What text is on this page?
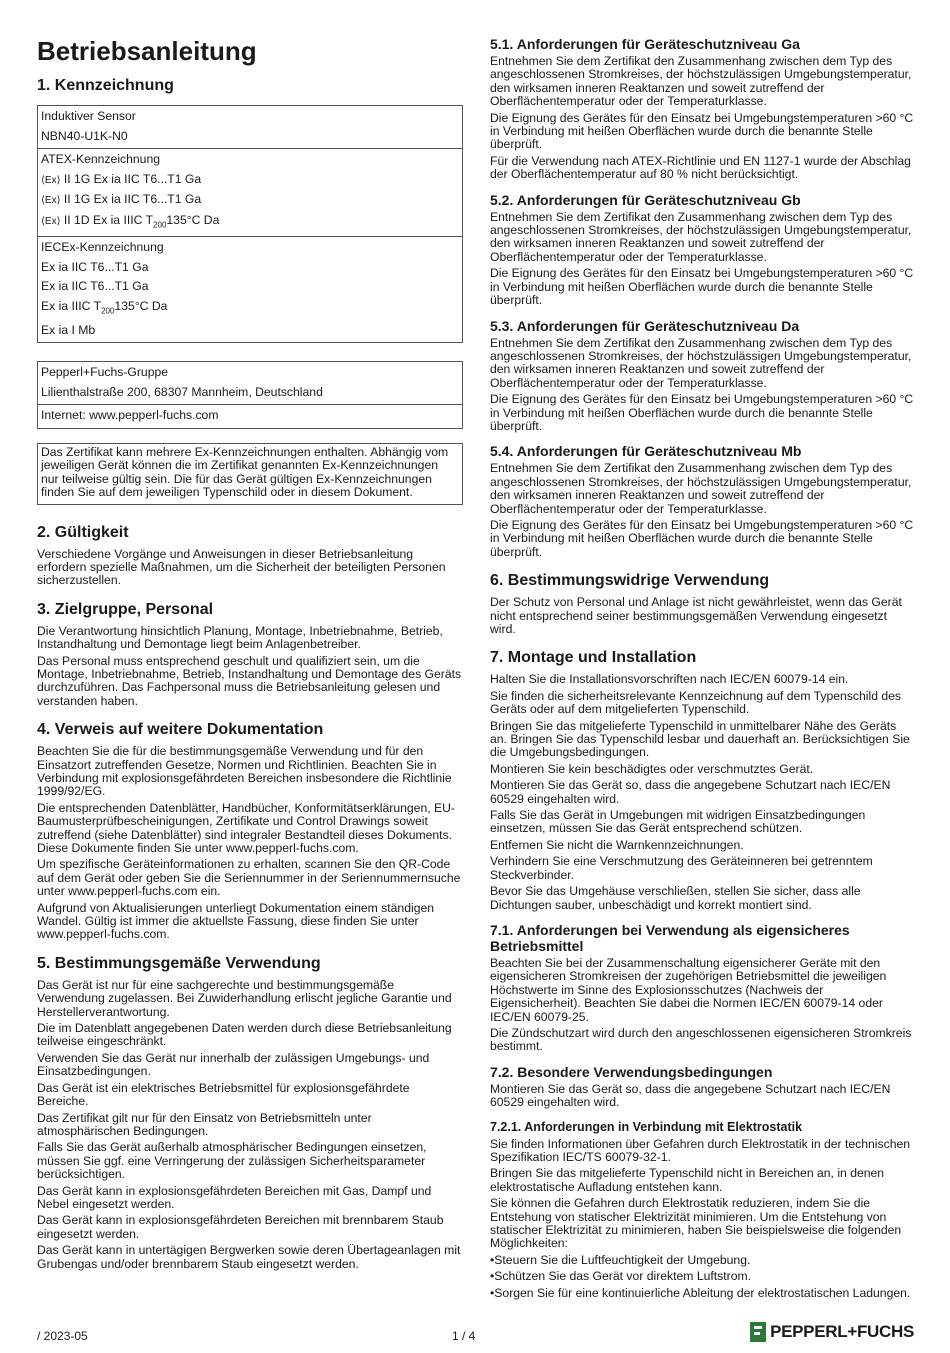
Betriebsanleitung
1. Kennzeichnung
Induktiver Sensor
NBN40-U1K-N0
ATEX-Kennzeichnung
⟨Ex⟩ II 1G Ex ia IIC T6...T1 Ga
⟨Ex⟩ II 1G Ex ia IIC T6...T1 Ga
⟨Ex⟩ II 1D Ex ia IIIC $T_{200}135^\circ C$ Da
IECEx-Kennzeichnung
Ex ia IIC T6...T1 Ga
Ex ia IIC T6...T1 Ga
Ex ia IIIC $T_{200}135^\circ C$ Da
Ex ia I Mb
Pepperl+Fuchs-Gruppe
Lilienthalstraße 200, 68307 Mannheim, Deutschland
Internet: www.pepperl-fuchs.com

Das Zertifikat kann mehrere Ex-Kennzeichnungen enthalten. Abhängig vom jeweiligen Gerät können die im Zertifikat genannten Ex-Kennzeichnungen nur teilweise gültig sein. Die für das Gerät gültigen Ex-Kennzeichnungen finden Sie auf dem jeweiligen Typenschild oder in diesem Dokument.

2. Gültigkeit

Verschiedene Vorgänge und Anweisungen in dieser Betriebsanleitung erfordern spezielle Maßnahmen, um die Sicherheit der beteiligten Personen sicherzustellen.

3. Zielgruppe, Personal

Die Verantwortung hinsichtlich Planung, Montage, Inbetriebnahme, Betrieb, Instandhaltung und Demontage liegt beim Anlagenbetreiber.

Das Personal muss entsprechend geschult und qualifiziert sein, um die Montage, Inbetriebnahme, Betrieb, Instandhaltung und Demontage des Geräts durchzuführen. Das Fachpersonal muss die Betriebsanleitung gelesen und verstanden haben.

4. Verweis auf weitere Dokumentation

Beachten Sie die für die bestimmungsgemäße Verwendung und für den Einsatzort zutreffenden Gesetze, Normen und Richtlinien. Beachten Sie in Verbindung mit explosionsgefährdeten Bereichen insbesondere die Richtlinie 1999/92/EG.

Die entsprechenden Datenblätter, Handbücher, Konformitätserklärungen, EU-Baumusterprüfbescheinigungen, Zertifikate und Control Drawings soweit zutreffend (siehe Datenblätter) sind integraler Bestandteil dieses Dokuments. Diese Dokumente finden Sie unter www.pepperl-fuchs.com.

Um spezifische Geräteinformationen zu erhalten, scannen Sie den QR-Code auf dem Gerät oder geben Sie die Seriennummer in der Seriennummernsuche unter www.pepperl-fuchs.com ein.

Aufgrund von Aktualisierungen unterliegt Dokumentation einem ständigen Wandel. Gültig ist immer die aktuellste Fassung, diese finden Sie unter www.pepperl-fuchs.com.

5. Bestimmungsgemäße Verwendung

Das Gerät ist nur für eine sachgerechte und bestimmungsgemäße Verwendung zugelassen. Bei Zuwiderhandlung erlischt jegliche Garantie und Herstellerverantwortung.

Die im Datenblatt angegebenen Daten werden durch diese Betriebsanleitung teilweise eingeschränkt.

Verwenden Sie das Gerät nur innerhalb der zulässigen Umgebungs- und Einsatzbedingungen.

Das Gerät ist ein elektrisches Betriebsmittel für explosionsgefährdete Bereiche.

Das Zertifikat gilt nur für den Einsatz von Betriebsmitteln unter atmosphärischen Bedingungen.

Falls Sie das Gerät außerhalb atmosphärischer Bedingungen einsetzen, müssen Sie ggf. eine Verringerung der zulässigen Sicherheitsparameter berücksichtigen.

Das Gerät kann in explosionsgefährdeten Bereichen mit Gas, Dampf und Nebel eingesetzt werden.

Das Gerät kann in explosionsgefährdeten Bereichen mit brennbarem Staub eingesetzt werden.

Das Gerät kann in untertägigen Bergwerken sowie deren Übertageanlagen mit Grubengas und/oder brennbarem Staub eingesetzt werden.

5.1. Anforderungen für Geräteschutzniveau Ga

Entnehmen Sie dem Zertifikat den Zusammenhang zwischen dem Typ des angeschlossenen Stromkreises, der höchstzulässigen Umgebungstemperatur, den wirksamen inneren Reaktanzen und soweit zutreffend der Oberflächentemperatur oder der Temperaturklasse.

Die Eignung des Gerätes für den Einsatz bei Umgebungstemperaturen >60 °C in Verbindung mit heißen Oberflächen wurde durch die benannte Stelle überprüft.

Für die Verwendung nach ATEX-Richtlinie und EN 1127-1 wurde der Abschlag der Oberflächentemperatur auf 80 % nicht berücksichtigt.

5.2. Anforderungen für Geräteschutzniveau Gb

Entnehmen Sie dem Zertifikat den Zusammenhang zwischen dem Typ des angeschlossenen Stromkreises, der höchstzulässigen Umgebungstemperatur, den wirksamen inneren Reaktanzen und soweit zutreffend der Oberflächentemperatur oder der Temperaturklasse.

Die Eignung des Gerätes für den Einsatz bei Umgebungstemperaturen >60 °C in Verbindung mit heißen Oberflächen wurde durch die benannte Stelle überprüft.

5.3. Anforderungen für Geräteschutzniveau Da

Entnehmen Sie dem Zertifikat den Zusammenhang zwischen dem Typ des angeschlossenen Stromkreises, der höchstzulässigen Umgebungstemperatur, den wirksamen inneren Reaktanzen und soweit zutreffend der Oberflächentemperatur oder der Temperaturklasse.

Die Eignung des Gerätes für den Einsatz bei Umgebungstemperaturen >60 °C in Verbindung mit heißen Oberflächen wurde durch die benannte Stelle überprüft.

5.4. Anforderungen für Geräteschutzniveau Mb

Entnehmen Sie dem Zertifikat den Zusammenhang zwischen dem Typ des angeschlossenen Stromkreises, der höchstzulässigen Umgebungstemperatur, den wirksamen inneren Reaktanzen und soweit zutreffend der Oberflächentemperatur oder der Temperaturklasse.

Die Eignung des Gerätes für den Einsatz bei Umgebungstemperaturen >60 °C in Verbindung mit heißen Oberflächen wurde durch die benannte Stelle überprüft.

6. Bestimmungswidrige Verwendung

Der Schutz von Personal und Anlage ist nicht gewährleistet, wenn das Gerät nicht entsprechend seiner bestimmungsgemäßen Verwendung eingesetzt wird.

7. Montage und Installation

Halten Sie die Installationsvorschriften nach IEC/EN 60079-14 ein.

Sie finden die sicherheitsrelevante Kennzeichnung auf dem Typenschild des Geräts oder auf dem mitgelieferten Typenschild.

Bringen Sie das mitgelieferte Typenschild in unmittelbarer Nähe des Geräts an. Bringen Sie das Typenschild lesbar und dauerhaft an. Berücksichtigen Sie die Umgebungsbedingungen.

Montieren Sie kein beschädigtes oder verschmutztes Gerät.

Montieren Sie das Gerät so, dass die angegebene Schutzart nach IEC/EN 60529 eingehalten wird.

Falls Sie das Gerät in Umgebungen mit widrigen Einsatzbedingungen einsetzen, müssen Sie das Gerät entsprechend schützen.

Entfernen Sie nicht die Warnkennzeichnungen.

Verhindern Sie eine Verschmutzung des Geräteinneren bei getrenntem Steckverbinder.

Bevor Sie das Umgehäuse verschließen, stellen Sie sicher, dass alle Dichtungen sauber, unbeschädigt und korrekt montiert sind.

7.1. Anforderungen bei Verwendung als eigensicheres Betriebsmittel

Beachten Sie bei der Zusammenschaltung eigensicherer Geräte mit den eigensicheren Stromkreisen der zugehörigen Betriebsmittel die jeweiligen Höchstwerte im Sinne des Explosionsschutzes (Nachweis der Eigensicherheit). Beachten Sie dabei die Normen IEC/EN 60079-14 oder IEC/EN 60079-25.

Die Zündschutzart wird durch den angeschlossenen eigensicheren Stromkreis bestimmt.

7.2. Besondere Verwendungsbedingungen

Montieren Sie das Gerät so, dass die angegebene Schutzart nach IEC/EN 60529 eingehalten wird.

7.2.1. Anforderungen in Verbindung mit Elektrostatik

Sie finden Informationen über Gefahren durch Elektrostatik in der technischen Spezifikation IEC/TS 60079-32-1.

Bringen Sie das mitgelieferte Typenschild nicht in Bereichen an, in denen elektrostatische Aufladung entstehen kann.

Sie können die Gefahren durch Elektrostatik reduzieren, indem Sie die Entstehung von statischer Elektrizität minimieren. Um die Entstehung von statischer Elektrizität zu minimieren, haben Sie beispielsweise die folgenden Möglichkeiten:

• Steuern Sie die Luftfeuchtigkeit der Umgebung.

• Schützen Sie das Gerät vor direktem Luftstrom.

• Sorgen Sie für eine kontinuierliche Ableitung der elektrostatischen Ladungen.

/ 2023-05	1 / 4	PEPPERL+FUCHS
